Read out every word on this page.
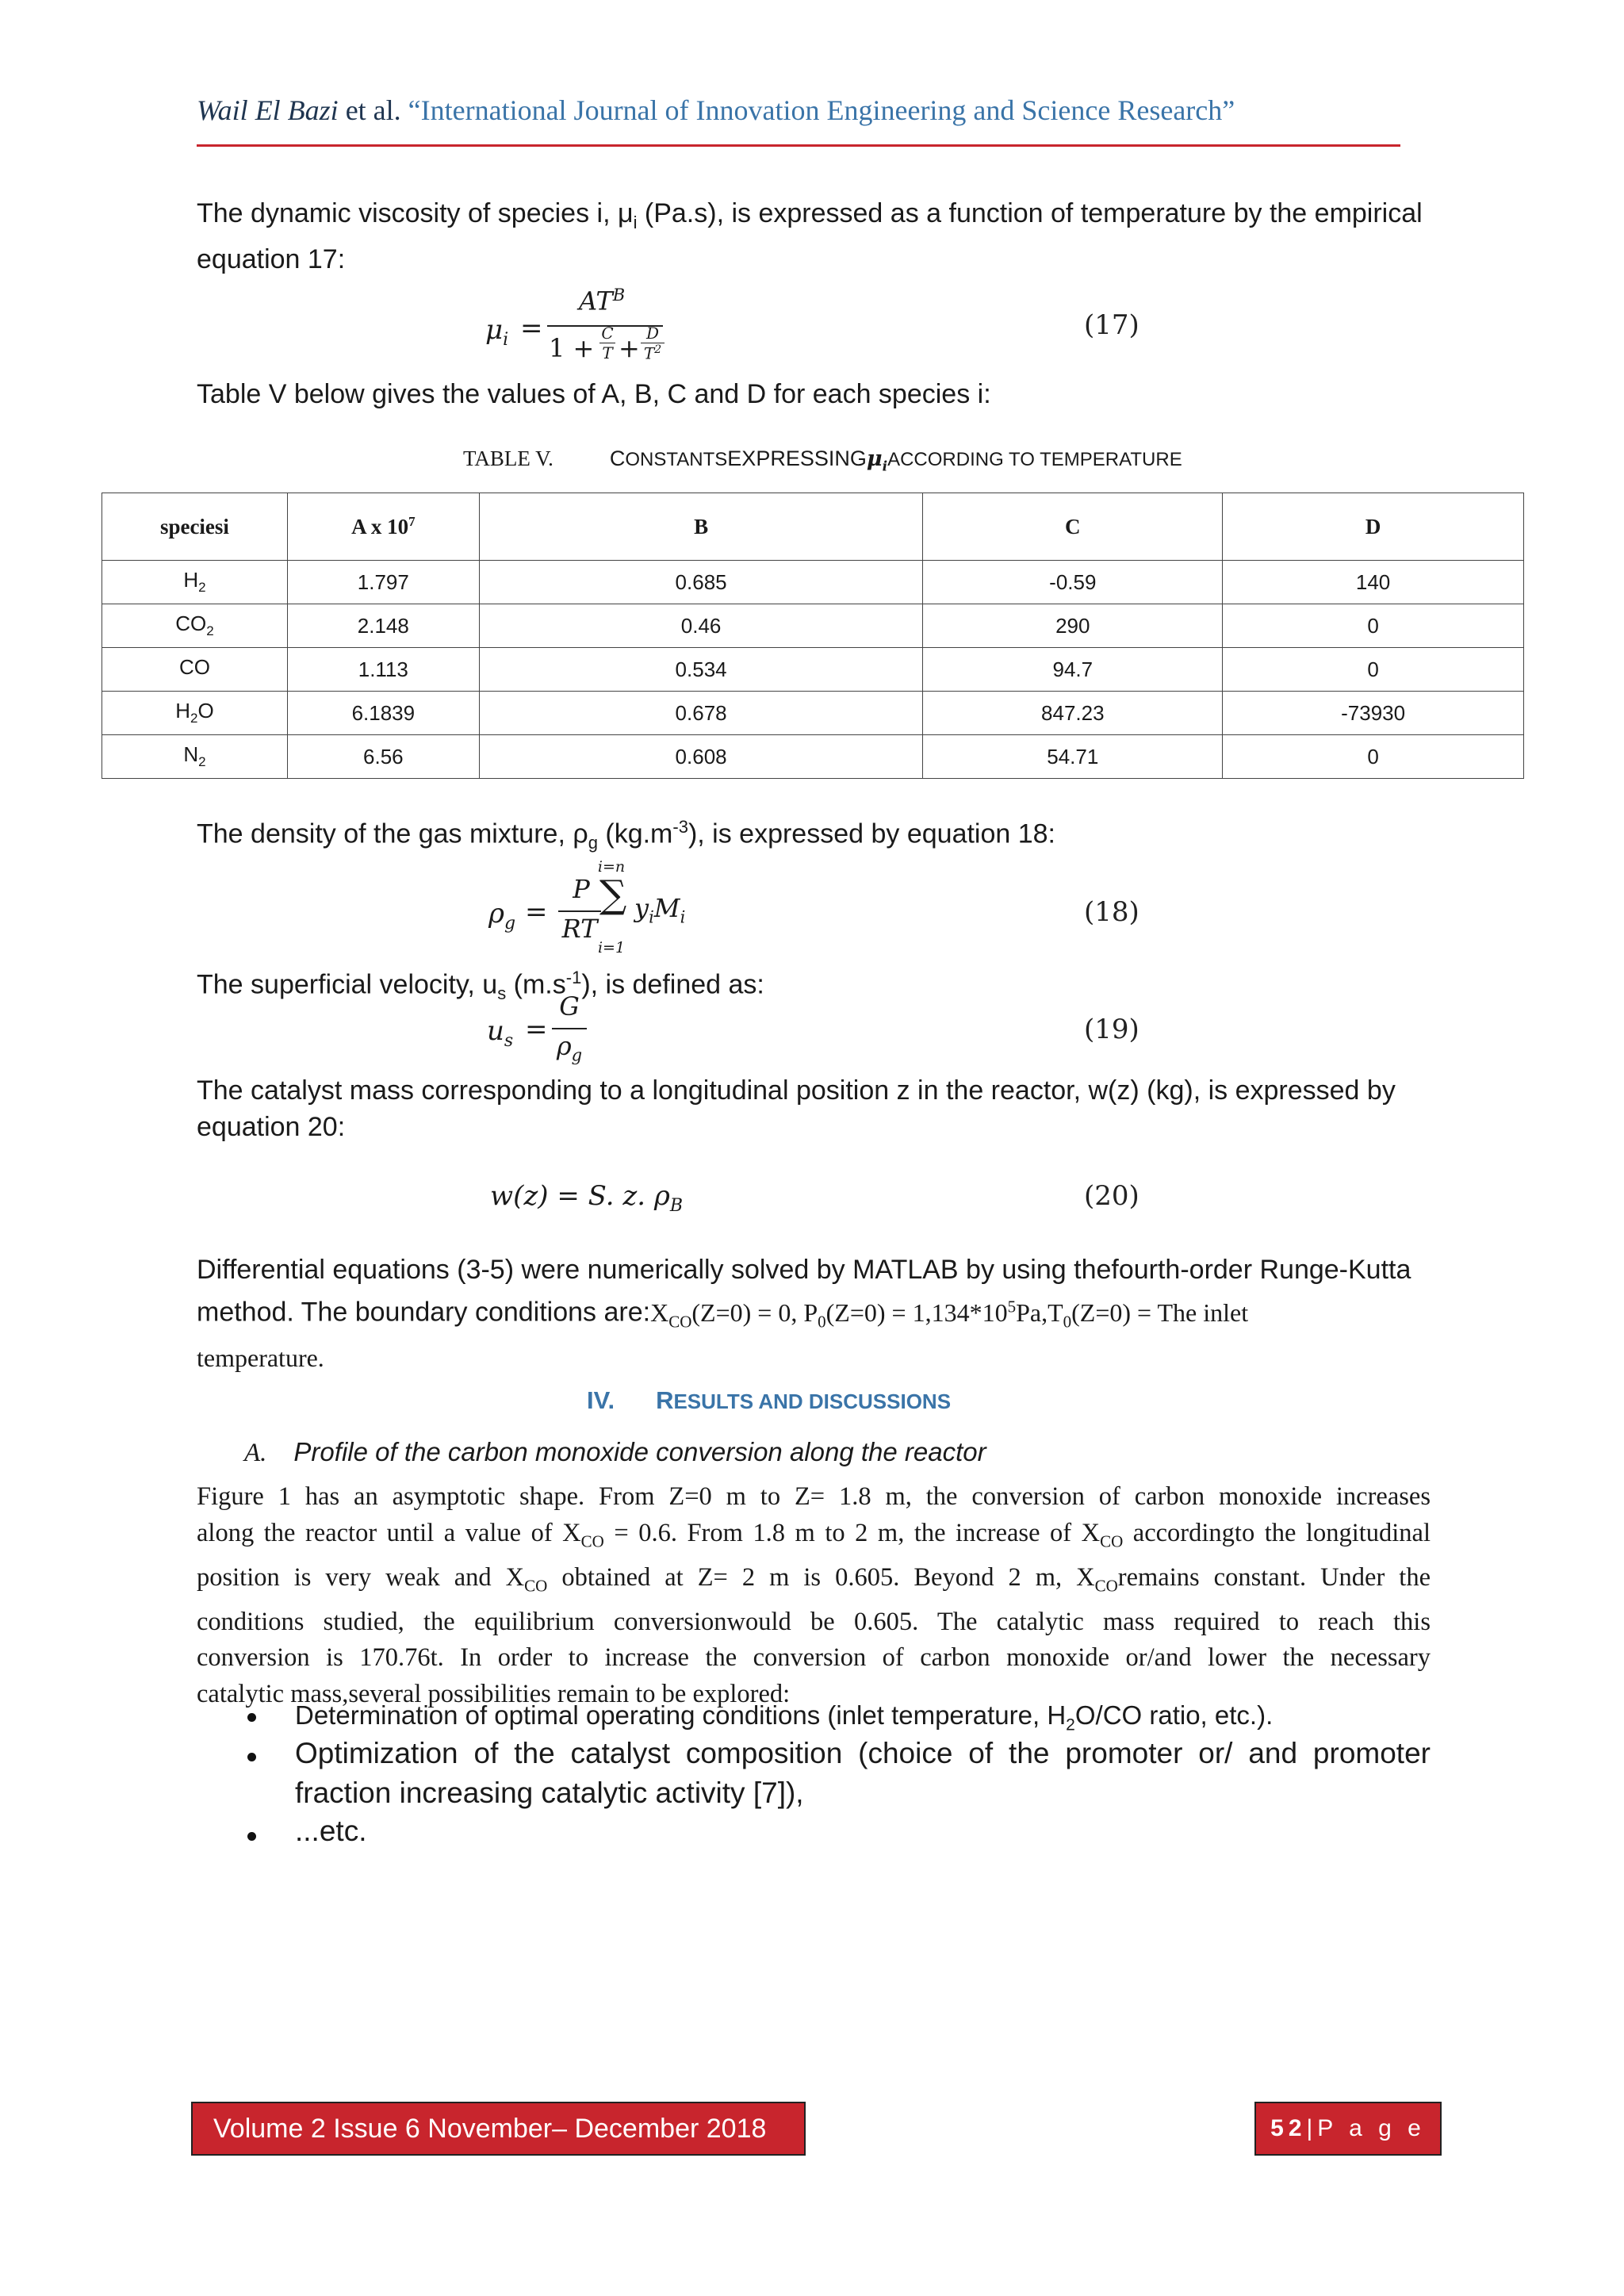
Wail El Bazi et al. “International Journal of Innovation Engineering and Science Research”
The dynamic viscosity of species i, $\mu_i$ (Pa.s), is expressed as a function of temperature by the empirical
equation 17:
$\mu_i$ =
$AT^B$
1 + C
T + D
$T^2$
(17)
Table V below gives the values of A, B, C and D for each species i:
TABLE V.	CONSTANTSEXPRESSINGμ$_i$ACCORDING TO TEMPERATURE
speciesi	A x $10^7$	B	C	D
$H_2$	1.797	0.685	-0.59	140
$CO_2$	2.148	0.46	290	0
CO	1.113	0.534	94.7	0
$H_2O$	6.1839	0.678	847.23	-73930
$N_2$	6.56	0.608	54.71	0
The density of the gas mixture, $\rho_g$ $(kg.m^{-3})$, is expressed by equation 18:
$\rho_g$ =
P
RT
i=n
∑
i=1
$y_iM_i$	(18)
The superficial velocity, $u_s$ $(m.s^{-1})$, is defined as:
$u_s$ =
G
$\rho_g$
(19)
The catalyst mass corresponding to a longitudinal position z in the reactor, w(z) (kg), is expressed by
equation 20:
w(z) = S. z. $\rho_B$	(20)
Differential equations (3-5) were numerically solved by MATLAB by using thefourth-order Runge-Kutta
method. The boundary conditions $are:X_{CO}(Z=0) = 0$, $P_0(Z=0) = 1,134*10^5Pa,T_0(Z=0)$ = The inlet
temperature.
IV. RESULTS AND DISCUSSIONS
A. Profile of the carbon monoxide conversion along the reactor
Figure 1 has an asymptotic shape. From Z=0 m to Z= 1.8 m, the conversion of carbon monoxide increases
along the reactor until a value of $X_{CO} = 0.6$. From 1.8 m to 2 m, the increase of $X_{CO}$ accordingto the longitudinal
position is very weak and $X_{CO}$ obtained at Z= 2 m is 0.605. Beyond 2 m, $X_{CO}remains$ constant. Under the
conditions studied, the equilibrium conversionwould be 0.605. The catalytic mass required to reach this
conversion is 170.76t. In order to increase the conversion of carbon monoxide or/and lower the necessary
catalytic mass,several possibilities remain to be explored:
Determination of optimal operating conditions (inlet temperature, $H_2O/CO$ ratio, etc.).
Optimization of the catalyst composition (choice of the promoter or/ and promoter
fraction increasing catalytic activity [7]),
...etc.
Volume 2 Issue 6 November– December 2018	52|P a g e
